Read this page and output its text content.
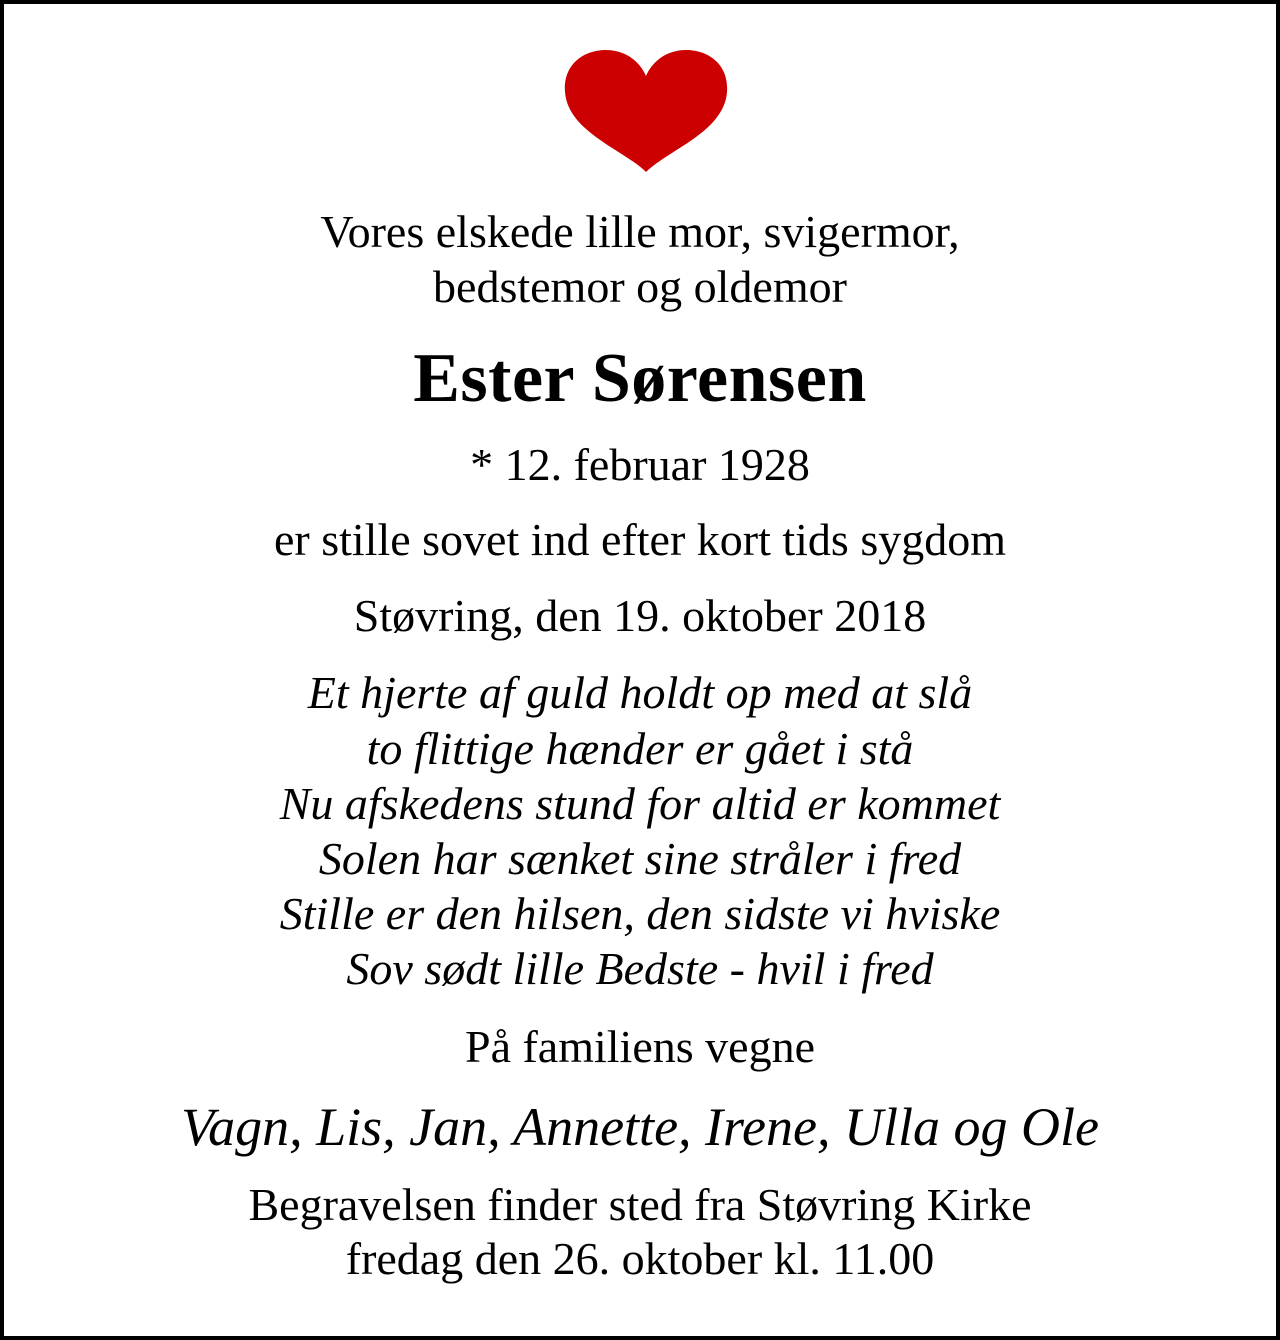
Vores elskede lille mor, svigermor,
bedstemor og oldemor
Ester Sørensen
* 12. februar 1928
er stille sovet ind efter kort tids sygdom
Støvring, den 19. oktober 2018
Et hjerte af guld holdt op med at slå
to flittige hænder er gået i stå
Nu afskedens stund for altid er kommet
Solen har sænket sine stråler i fred
Stille er den hilsen, den sidste vi hviske
Sov sødt lille Bedste - hvil i fred
På familiens vegne
Vagn, Lis, Jan, Annette, Irene, Ulla og Ole
Begravelsen finder sted fra Støvring Kirke
fredag den 26. oktober kl. 11.00
